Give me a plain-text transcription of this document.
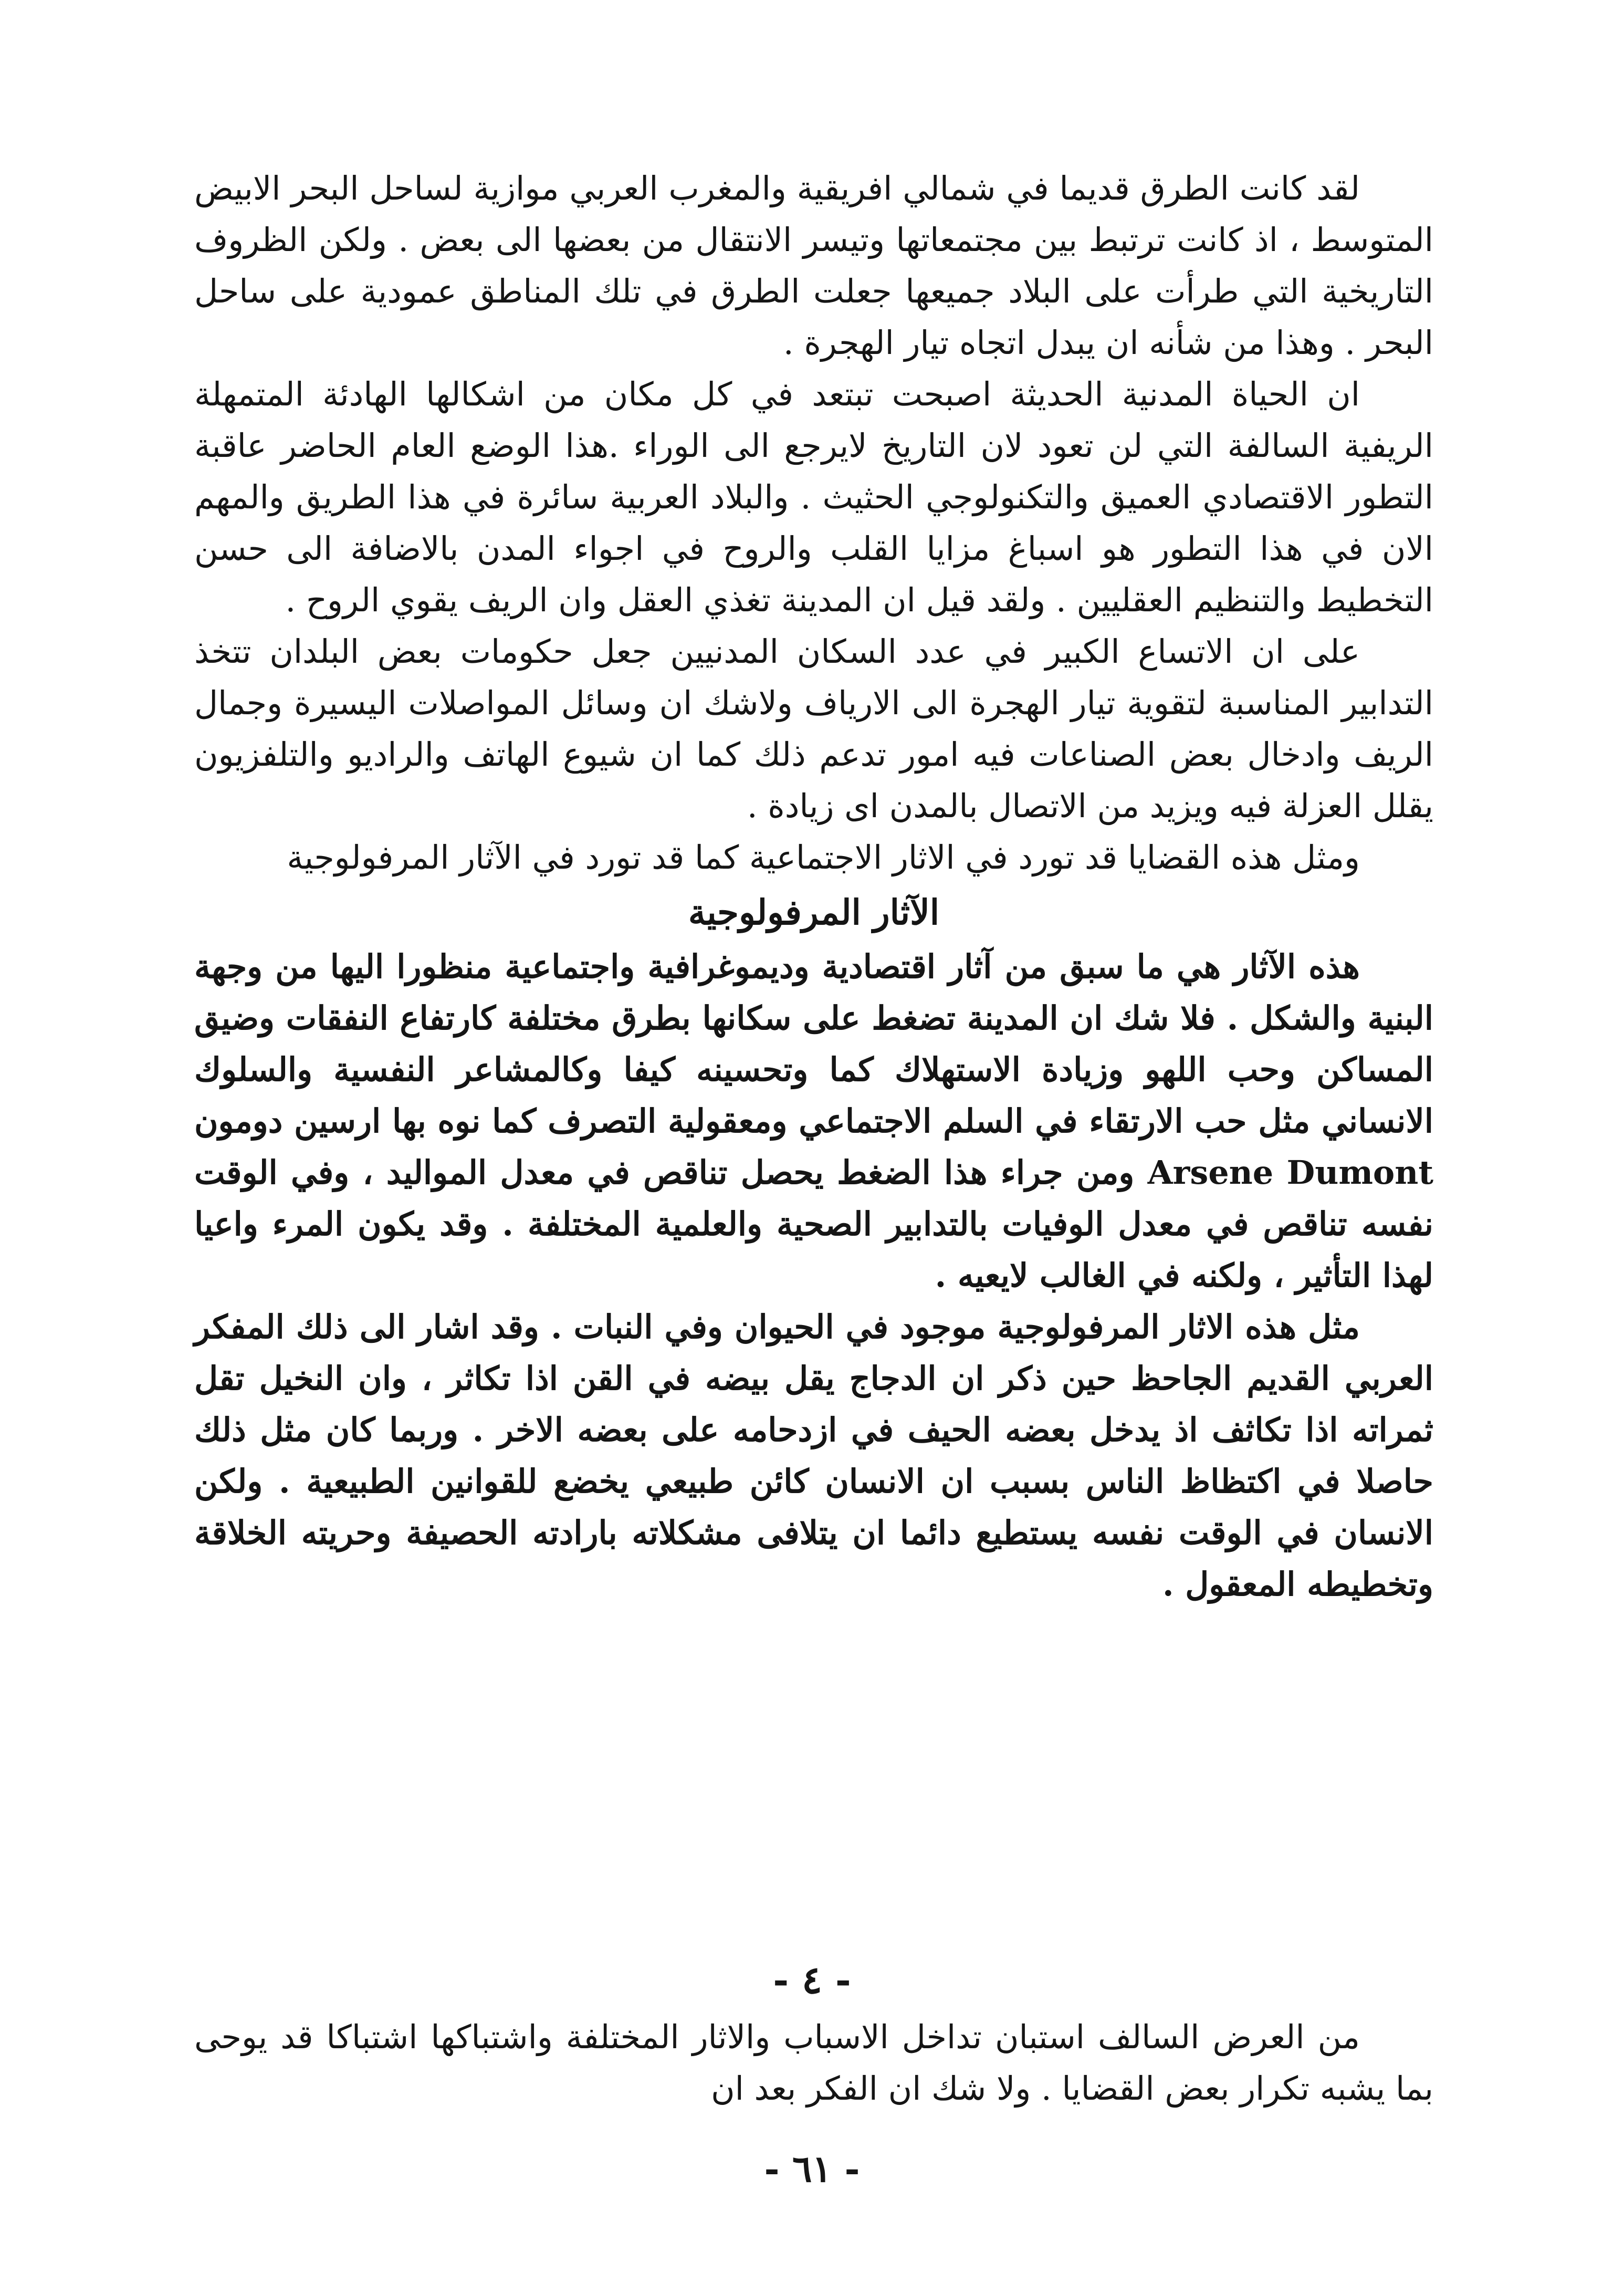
لقد كانت الطرق قديما في شمالي افريقية والمغرب العربي موازية لساحل البحر الابيض المتوسط ، اذ كانت ترتبط بين مجتمعاتها وتيسر الانتقال من بعضها الى بعض . ولكن الظروف التاريخية التي طرأت على البلاد جميعها جعلت الطرق في تلك المناطق عمودية على ساحل البحر . وهذا من شأنه ان يبدل اتجاه تيار الهجرة .

ان الحياة المدنية الحديثة اصبحت تبتعد في كل مكان من اشكالها الهادئة المتمهلة الريفية السالفة التي لن تعود لان التاريخ لايرجع الى الوراء .هذا الوضع العام الحاضر عاقبة التطور الاقتصادي العميق والتكنولوجي الحثيث . والبلاد العربية سائرة في هذا الطريق والمهم الان في هذا التطور هو اسباغ مزايا القلب والروح في اجواء المدن بالاضافة الى حسن التخطيط والتنظيم العقليين . ولقد قيل ان المدينة تغذي العقل وان الريف يقوي الروح .

على ان الاتساع الكبير في عدد السكان المدنيين جعل حكومات بعض البلدان تتخذ التدابير المناسبة لتقوية تيار الهجرة الى الارياف ولاشك ان وسائل المواصلات اليسيرة وجمال الريف وادخال بعض الصناعات فيه امور تدعم ذلك كما ان شيوع الهاتف والراديو والتلفزيون يقلل العزلة فيه ويزيد من الاتصال بالمدن اى زيادة .

ومثل هذه القضايا قد تورد في الاثار الاجتماعية كما قد تورد في الآثار المرفولوجية

الآثار المرفولوجية

هذه الآثار هي ما سبق من آثار اقتصادية وديموغرافية واجتماعية منظورا اليها من وجهة البنية والشكل . فلا شك ان المدينة تضغط على سكانها بطرق مختلفة كارتفاع النفقات وضيق المساكن وحب اللهو وزيادة الاستهلاك كما وتحسينه كيفا وكالمشاعر النفسية والسلوك الانساني مثل حب الارتقاء في السلم الاجتماعي ومعقولية التصرف كما نوه بها ارسين دومون Arsene Dumont ومن جراء هذا الضغط يحصل تناقص في معدل المواليد ، وفي الوقت نفسه تناقص في معدل الوفيات بالتدابير الصحية والعلمية المختلفة . وقد يكون المرء واعيا لهذا التأثير ، ولكنه في الغالب لايعيه .

مثل هذه الاثار المرفولوجية موجود في الحيوان وفي النبات . وقد اشار الى ذلك المفكر العربي القديم الجاحظ حين ذكر ان الدجاج يقل بيضه في القن اذا تكاثر ، وان النخيل تقل ثمراته اذا تكاثف اذ يدخل بعضه الحيف في ازدحامه على بعضه الاخر . وربما كان مثل ذلك حاصلا في اكتظاظ الناس بسبب ان الانسان كائن طبيعي يخضع للقوانين الطبيعية . ولكن الانسان في الوقت نفسه يستطيع دائما ان يتلافى مشكلاته بارادته الحصيفة وحريته الخلاقة وتخطيطه المعقول .

- ٤ -

من العرض السالف استبان تداخل الاسباب والاثار المختلفة واشتباكها اشتباكا قد يوحى بما يشبه تكرار بعض القضايا . ولا شك ان الفكر بعد ان

- ٦١ -
